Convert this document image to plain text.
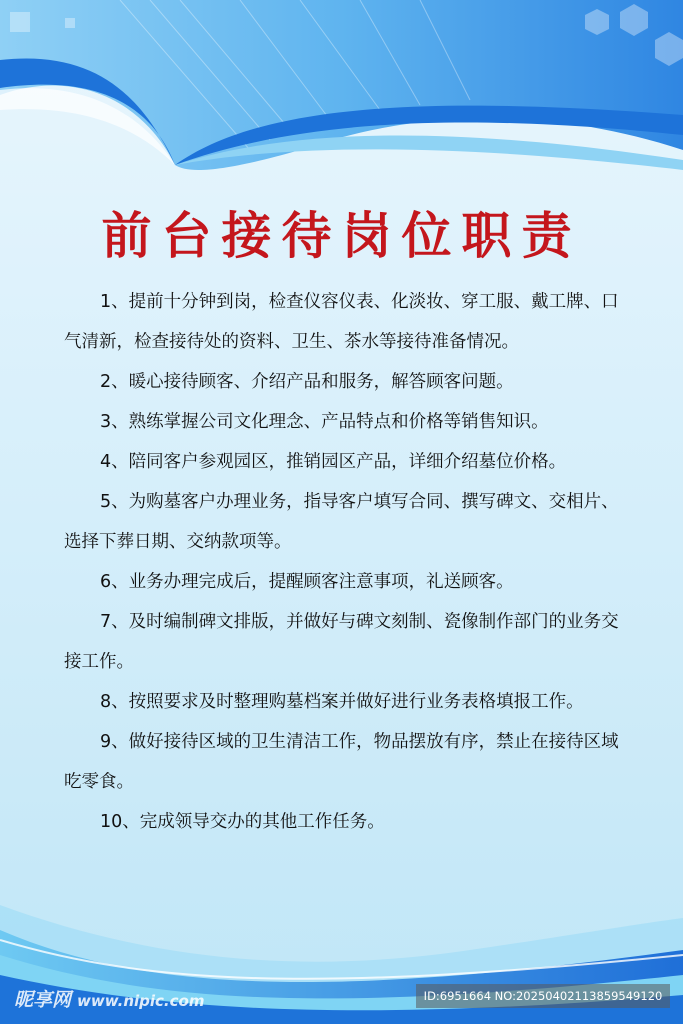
前台接待岗位职责

1、提前十分钟到岗，检查仪容仪表、化淡妆、穿工服、戴工牌、口气清新，检查接待处的资料、卫生、茶水等接待准备情况。

2、暖心接待顾客、介绍产品和服务，解答顾客问题。

3、熟练掌握公司文化理念、产品特点和价格等销售知识。

4、陪同客户参观园区，推销园区产品，详细介绍墓位价格。

5、为购墓客户办理业务，指导客户填写合同、撰写碑文、交相片、选择下葬日期、交纳款项等。

6、业务办理完成后，提醒顾客注意事项，礼送顾客。

7、及时编制碑文排版，并做好与碑文刻制、瓷像制作部门的业务交接工作。

8、按照要求及时整理购墓档案并做好进行业务表格填报工作。

9、做好接待区域的卫生清洁工作，物品摆放有序，禁止在接待区域吃零食。

10、完成领导交办的其他工作任务。

昵享网 www.nipic.com	ID:6951664 NO:20250402113859549120
